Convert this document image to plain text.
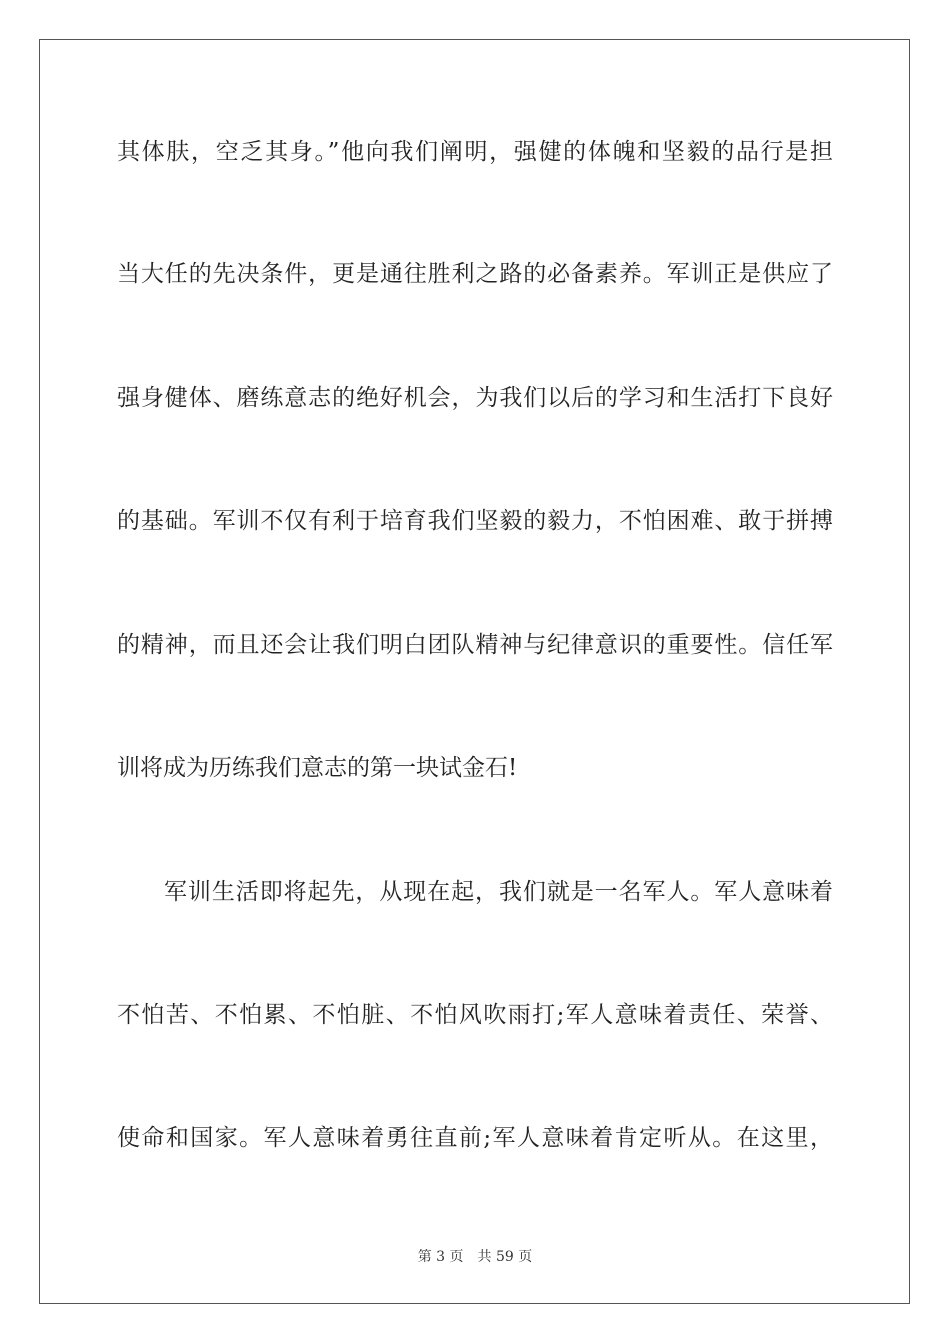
其体肤，空乏其身。”他向我们阐明，强健的体魄和坚毅的品行是担
当大任的先决条件，更是通往胜利之路的必备素养。军训正是供应了
强身健体、磨练意志的绝好机会，为我们以后的学习和生活打下良好
的基础。军训不仅有利于培育我们坚毅的毅力，不怕困难、敢于拼搏
的精神，而且还会让我们明白团队精神与纪律意识的重要性。信任军
训将成为历练我们意志的第一块试金石!
军训生活即将起先，从现在起，我们就是一名军人。军人意味着
不怕苦、不怕累、不怕脏、不怕风吹雨打;军人意味着责任、荣誉、
使命和国家。军人意味着勇往直前;军人意味着肯定听从。在这里，
第 3 页 共 59 页
